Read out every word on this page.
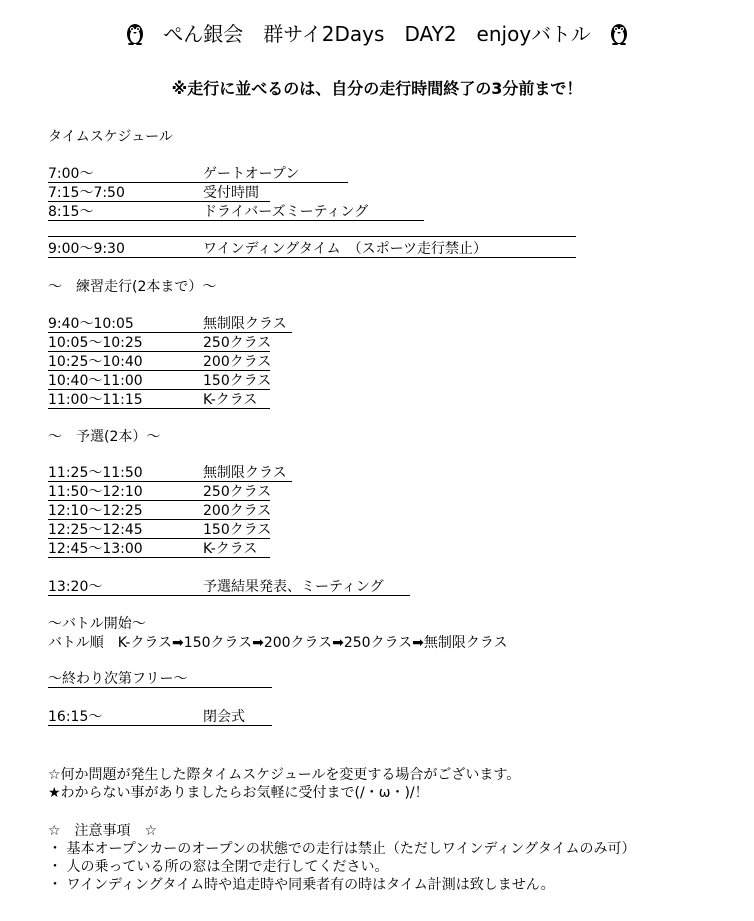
ぺん銀会　群サイ2Days　DAY2　enjoyバトル
※走行に並べるのは、自分の走行時間終了の3分前まで！
タイムスケジュール
7:00～	ゲートオープン
7:15～7:50	受付時間
8:15～	ドライバーズミーティング
9:00～9:30	ワインディングタイム　（スポーツ走行禁止）
～　練習走行(2本まで）～
9:40～10:05	無制限クラス
10:05～10:25	250クラス
10:25～10:40	200クラス
10:40～11:00	150クラス
11:00～11:15	K-クラス
～　予選(2本）～
11:25～11:50	無制限クラス
11:50～12:10	250クラス
12:10～12:25	200クラス
12:25～12:45	150クラス
12:45～13:00	K-クラス
13:20～	予選結果発表、ミーティング
～バトル開始～
バトル順　K-クラス➡150クラス➡200クラス➡250クラス➡無制限クラス
～終わり次第フリー～
16:15～	閉会式
☆何か問題が発生した際タイムスケジュールを変更する場合がございます。
★わからない事がありましたらお気軽に受付まで(/・ω・)/！
☆　注意事項　☆
・ 基本オープンカーのオープンの状態での走行は禁止（ただしワインディングタイムのみ可）
・ 人の乗っている所の窓は全閉で走行してください。
・ ワインディングタイム時や追走時や同乗者有の時はタイム計測は致しません。
